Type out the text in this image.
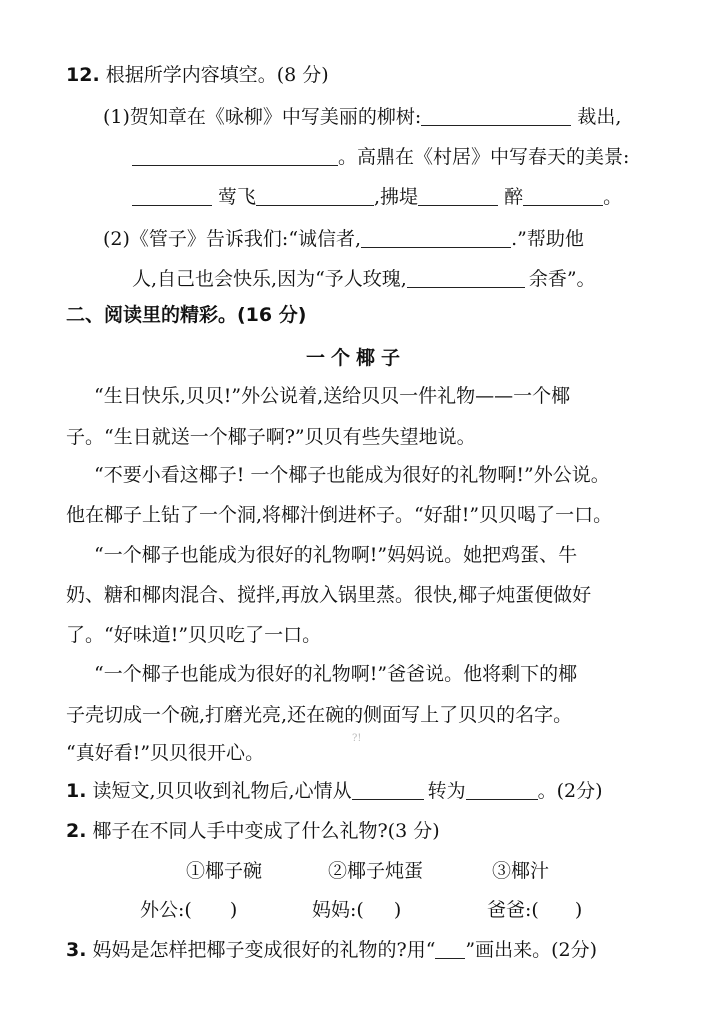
12. 根据所学内容填空。(8 分)
(1)贺知章在《咏柳》中写美丽的柳树:	裁出,
。高鼎在《村居》中写春天的美景:
莺飞	,拂堤	醉	。
(2)《管子》告诉我们:“诚信者,	.”帮助他
人,自己也会快乐,因为“予人玫瑰,	余香”。
二、阅读里的精彩。(16 分)
一个椰子
“生日快乐,贝贝!”外公说着,送给贝贝一件礼物——一个椰
子。“生日就送一个椰子啊?”贝贝有些失望地说。
“不要小看这椰子! 一个椰子也能成为很好的礼物啊!”外公说。
他在椰子上钻了一个洞,将椰汁倒进杯子。“好甜!”贝贝喝了一口。
“一个椰子也能成为很好的礼物啊!”妈妈说。她把鸡蛋、牛
奶、糖和椰肉混合、搅拌,再放入锅里蒸。很快,椰子炖蛋便做好
了。“好味道!”贝贝吃了一口。
“一个椰子也能成为很好的礼物啊!”爸爸说。他将剩下的椰
子壳切成一个碗,打磨光亮,还在碗的侧面写上了贝贝的名字。
“真好看!”贝贝很开心。
?!
1. 读短文,贝贝收到礼物后,心情从	转为	。(2分)
2. 椰子在不同人手中变成了什么礼物?(3 分)
①椰子碗	②椰子炖蛋	③椰汁
外公:( )	妈妈:( )	爸爸:( )
3. 妈妈是怎样把椰子变成很好的礼物的?用“ ”画出来。(2分)
